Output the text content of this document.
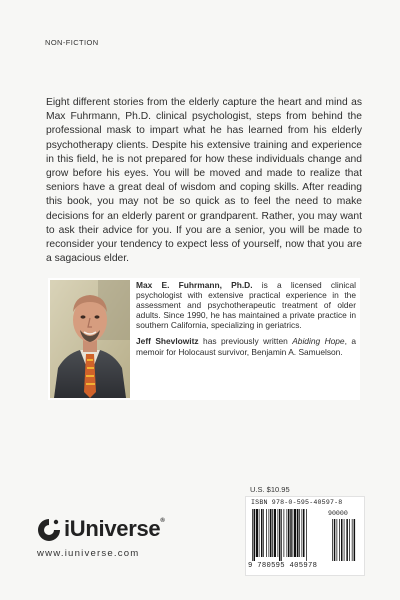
NON-FICTION
Eight different stories from the elderly capture the heart and mind as Max Fuhrmann, Ph.D. clinical psychologist, steps from behind the professional mask to impart what he has learned from his elderly psychotherapy clients. Despite his extensive training and experience in this field, he is not prepared for how these individuals change and grow before his eyes. You will be moved and made to realize that seniors have a great deal of wisdom and coping skills. After reading this book, you may not be so quick as to feel the need to make decisions for an elderly parent or grandparent. Rather, you may want to ask their advice for you. If you are a senior, you will be made to reconsider your tendency to expect less of yourself, now that you are a sagacious elder.

Max E. Fuhrmann, Ph.D. is a licensed clinical psychologist with extensive practical experience in the assessment and psychotherapeutic treatment of older adults. Since 1990, he has maintained a private practice in southern California, specializing in geriatrics.

Jeff Shevlowitz has previously written Abiding Hope, a memoir for Holocaust survivor, Benjamin A. Samuelson.

iUniverse®
www.iuniverse.com
U.S. $10.95
ISBN 978-0-595-40597-8
90000
9 780595 405978
